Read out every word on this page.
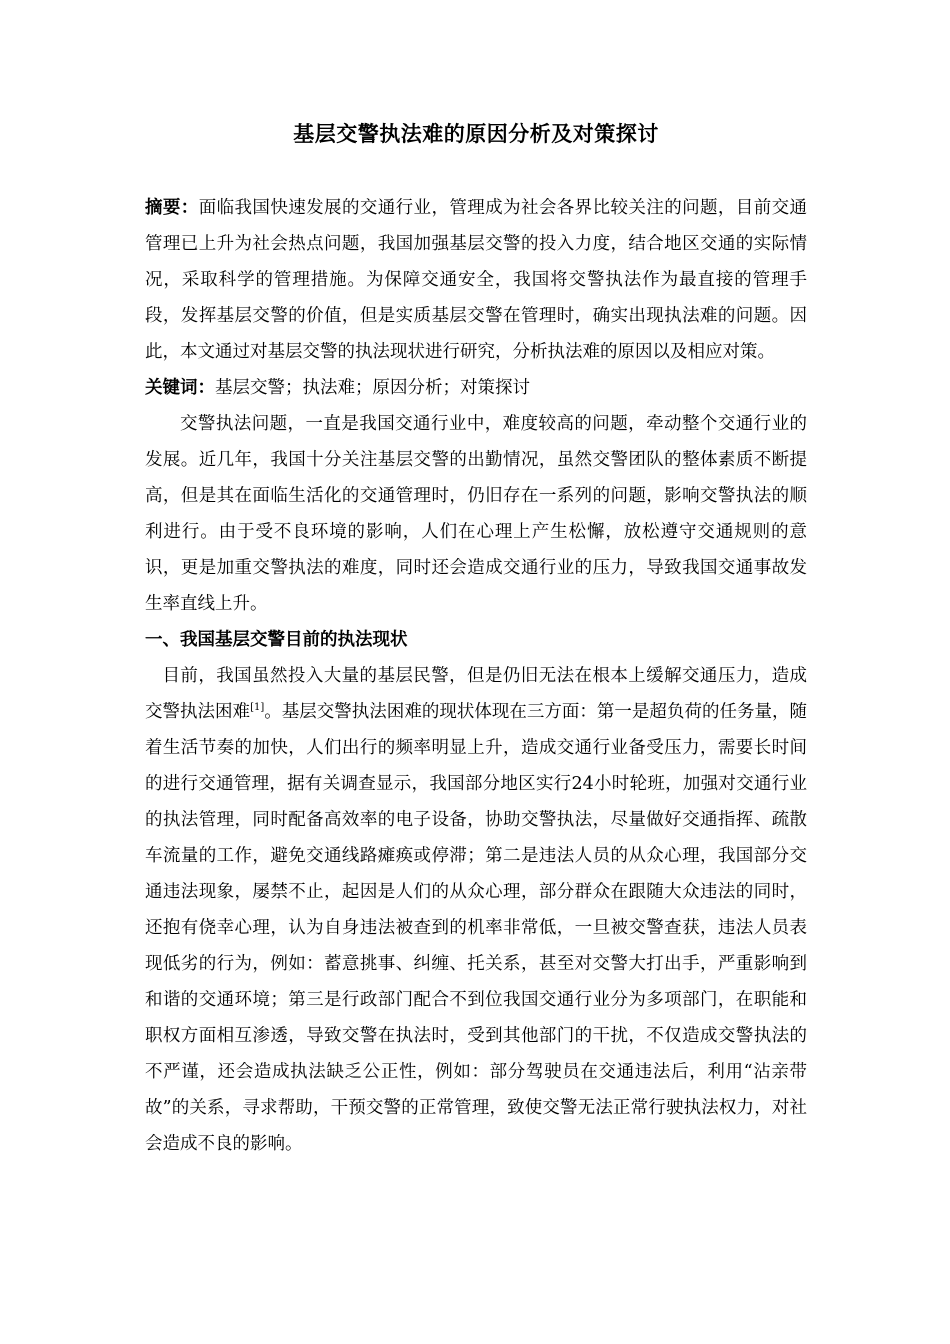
基层交警执法难的原因分析及对策探讨

摘要：面临我国快速发展的交通行业，管理成为社会各界比较关注的问题，目前交通管理已上升为社会热点问题，我国加强基层交警的投入力度，结合地区交通的实际情况，采取科学的管理措施。为保障交通安全，我国将交警执法作为最直接的管理手段，发挥基层交警的价值，但是实质基层交警在管理时，确实出现执法难的问题。因此，本文通过对基层交警的执法现状进行研究，分析执法难的原因以及相应对策。

关键词：基层交警；执法难；原因分析；对策探讨

交警执法问题，一直是我国交通行业中，难度较高的问题，牵动整个交通行业的发展。近几年，我国十分关注基层交警的出勤情况，虽然交警团队的整体素质不断提高，但是其在面临生活化的交通管理时，仍旧存在一系列的问题，影响交警执法的顺利进行。由于受不良环境的影响，人们在心理上产生松懈，放松遵守交通规则的意识，更是加重交警执法的难度，同时还会造成交通行业的压力，导致我国交通事故发生率直线上升。

一、我国基层交警目前的执法现状

目前，我国虽然投入大量的基层民警，但是仍旧无法在根本上缓解交通压力，造成交警执法困难[1]。基层交警执法困难的现状体现在三方面：第一是超负荷的任务量，随着生活节奏的加快，人们出行的频率明显上升，造成交通行业备受压力，需要长时间的进行交通管理，据有关调查显示，我国部分地区实行24小时轮班，加强对交通行业的执法管理，同时配备高效率的电子设备，协助交警执法，尽量做好交通指挥、疏散车流量的工作，避免交通线路瘫痪或停滞；第二是违法人员的从众心理，我国部分交通违法现象，屡禁不止，起因是人们的从众心理，部分群众在跟随大众违法的同时，还抱有侥幸心理，认为自身违法被查到的机率非常低，一旦被交警查获，违法人员表现低劣的行为，例如：蓄意挑事、纠缠、托关系，甚至对交警大打出手，严重影响到和谐的交通环境；第三是行政部门配合不到位我国交通行业分为多项部门，在职能和职权方面相互渗透，导致交警在执法时，受到其他部门的干扰，不仅造成交警执法的不严谨，还会造成执法缺乏公正性，例如：部分驾驶员在交通违法后，利用“沾亲带故”的关系，寻求帮助，干预交警的正常管理，致使交警无法正常行驶执法权力，对社会造成不良的影响。
